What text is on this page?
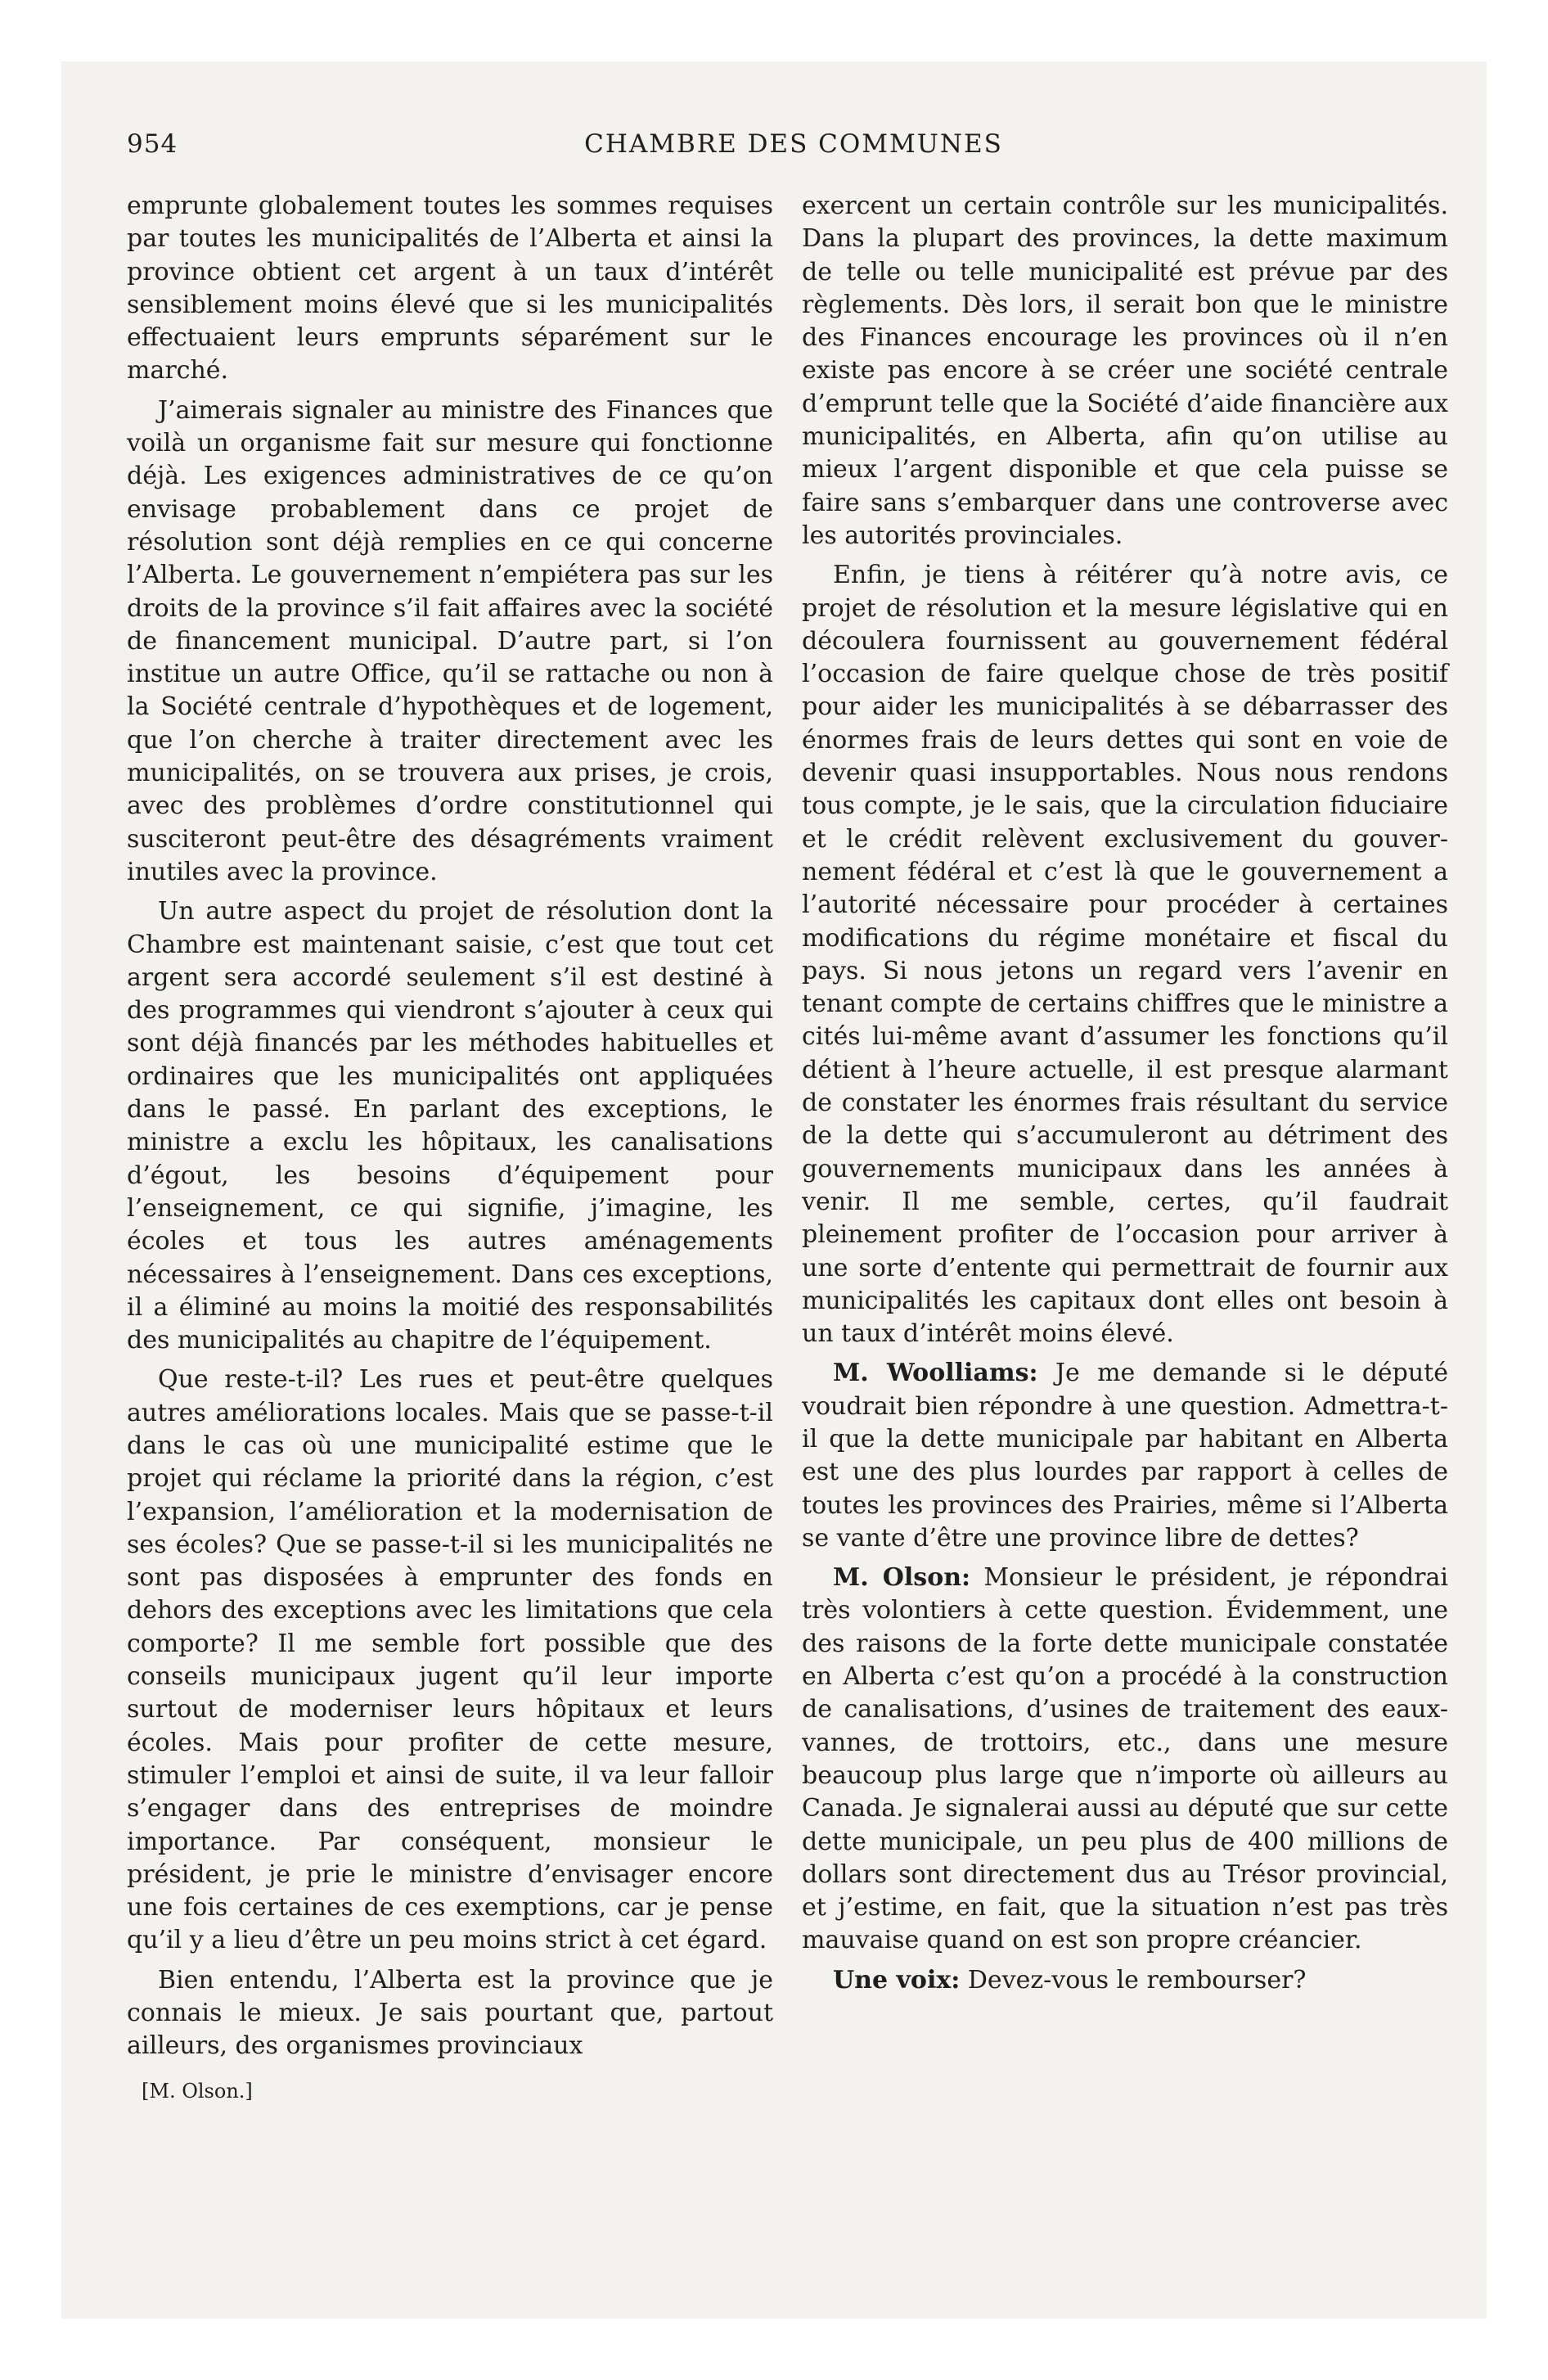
954	CHAMBRE DES COMMUNES

emprunte globalement toutes les sommes requises par toutes les municipalités de l’Alberta et ainsi la province obtient cet argent à un taux d’intérêt sensiblement moins élevé que si les municipalités effectuaient leurs emprunts séparément sur le marché.

J’aimerais signaler au ministre des Finances que voilà un organisme fait sur mesure qui fonctionne déjà. Les exigences administratives de ce qu’on envisage probablement dans ce projet de résolution sont déjà remplies en ce qui concerne l’Alberta. Le gouvernement n’empiétera pas sur les droits de la province s’il fait affaires avec la société de financement municipal. D’autre part, si l’on institue un autre Office, qu’il se rattache ou non à la Société centrale d’hypothèques et de logement, que l’on cherche à traiter directement avec les municipalités, on se trouvera aux prises, je crois, avec des problèmes d’ordre constitutionnel qui susciteront peut-être des désagréments vraiment inutiles avec la province.

Un autre aspect du projet de résolution dont la Chambre est maintenant saisie, c’est que tout cet argent sera accordé seulement s’il est destiné à des programmes qui viendront s’ajouter à ceux qui sont déjà financés par les méthodes habituelles et ordinaires que les municipalités ont appliquées dans le passé. En parlant des exceptions, le ministre a exclu les hôpitaux, les canalisations d’égout, les besoins d’équipement pour l’enseignement, ce qui signifie, j’imagine, les écoles et tous les autres aménagements nécessaires à l’enseignement. Dans ces exceptions, il a éliminé au moins la moitié des responsabilités des municipalités au chapitre de l’équipement.

Que reste-t-il? Les rues et peut-être quelques autres améliorations locales. Mais que se passe-t-il dans le cas où une municipalité estime que le projet qui réclame la priorité dans la région, c’est l’expansion, l’amélioration et la modernisation de ses écoles? Que se passe-t-il si les municipalités ne sont pas disposées à emprunter des fonds en dehors des exceptions avec les limitations que cela comporte? Il me semble fort possible que des conseils municipaux jugent qu’il leur importe surtout de moderniser leurs hôpitaux et leurs écoles. Mais pour profiter de cette mesure, stimuler l’emploi et ainsi de suite, il va leur falloir s’engager dans des entreprises de moindre importance. Par conséquent, monsieur le président, je prie le ministre d’envisager encore une fois certaines de ces exemptions, car je pense qu’il y a lieu d’être un peu moins strict à cet égard.

Bien entendu, l’Alberta est la province que je connais le mieux. Je sais pourtant que, partout ailleurs, des organismes provinciaux

[M. Olson.]

exercent un certain contrôle sur les municipalités. Dans la plupart des provinces, la dette maximum de telle ou telle municipalité est prévue par des règlements. Dès lors, il serait bon que le ministre des Finances encourage les provinces où il n’en existe pas encore à se créer une société centrale d’emprunt telle que la Société d’aide financière aux municipalités, en Alberta, afin qu’on utilise au mieux l’argent disponible et que cela puisse se faire sans s’embarquer dans une controverse avec les autorités provinciales.

Enfin, je tiens à réitérer qu’à notre avis, ce projet de résolution et la mesure législative qui en découlera fournissent au gouvernement fédéral l’occasion de faire quelque chose de très positif pour aider les municipalités à se débarrasser des énormes frais de leurs dettes qui sont en voie de devenir quasi insupportables. Nous nous rendons tous compte, je le sais, que la circulation fiduciaire et le crédit relèvent exclusivement du gouvernement fédéral et c’est là que le gouvernement a l’autorité nécessaire pour procéder à certaines modifications du régime monétaire et fiscal du pays. Si nous jetons un regard vers l’avenir en tenant compte de certains chiffres que le ministre a cités lui-même avant d’assumer les fonctions qu’il détient à l’heure actuelle, il est presque alarmant de constater les énormes frais résultant du service de la dette qui s’accumuleront au détriment des gouvernements municipaux dans les années à venir. Il me semble, certes, qu’il faudrait pleinement profiter de l’occasion pour arriver à une sorte d’entente qui permettrait de fournir aux municipalités les capitaux dont elles ont besoin à un taux d’intérêt moins élevé.

M. Woolliams: Je me demande si le député voudrait bien répondre à une question. Admettra-t-il que la dette municipale par habitant en Alberta est une des plus lourdes par rapport à celles de toutes les provinces des Prairies, même si l’Alberta se vante d’être une province libre de dettes?

M. Olson: Monsieur le président, je répondrai très volontiers à cette question. Évidemment, une des raisons de la forte dette municipale constatée en Alberta c’est qu’on a procédé à la construction de canalisations, d’usines de traitement des eaux-vannes, de trottoirs, etc., dans une mesure beaucoup plus large que n’importe où ailleurs au Canada. Je signalerai aussi au député que sur cette dette municipale, un peu plus de 400 millions de dollars sont directement dus au Trésor provincial, et j’estime, en fait, que la situation n’est pas très mauvaise quand on est son propre créancier.

Une voix: Devez-vous le rembourser?
